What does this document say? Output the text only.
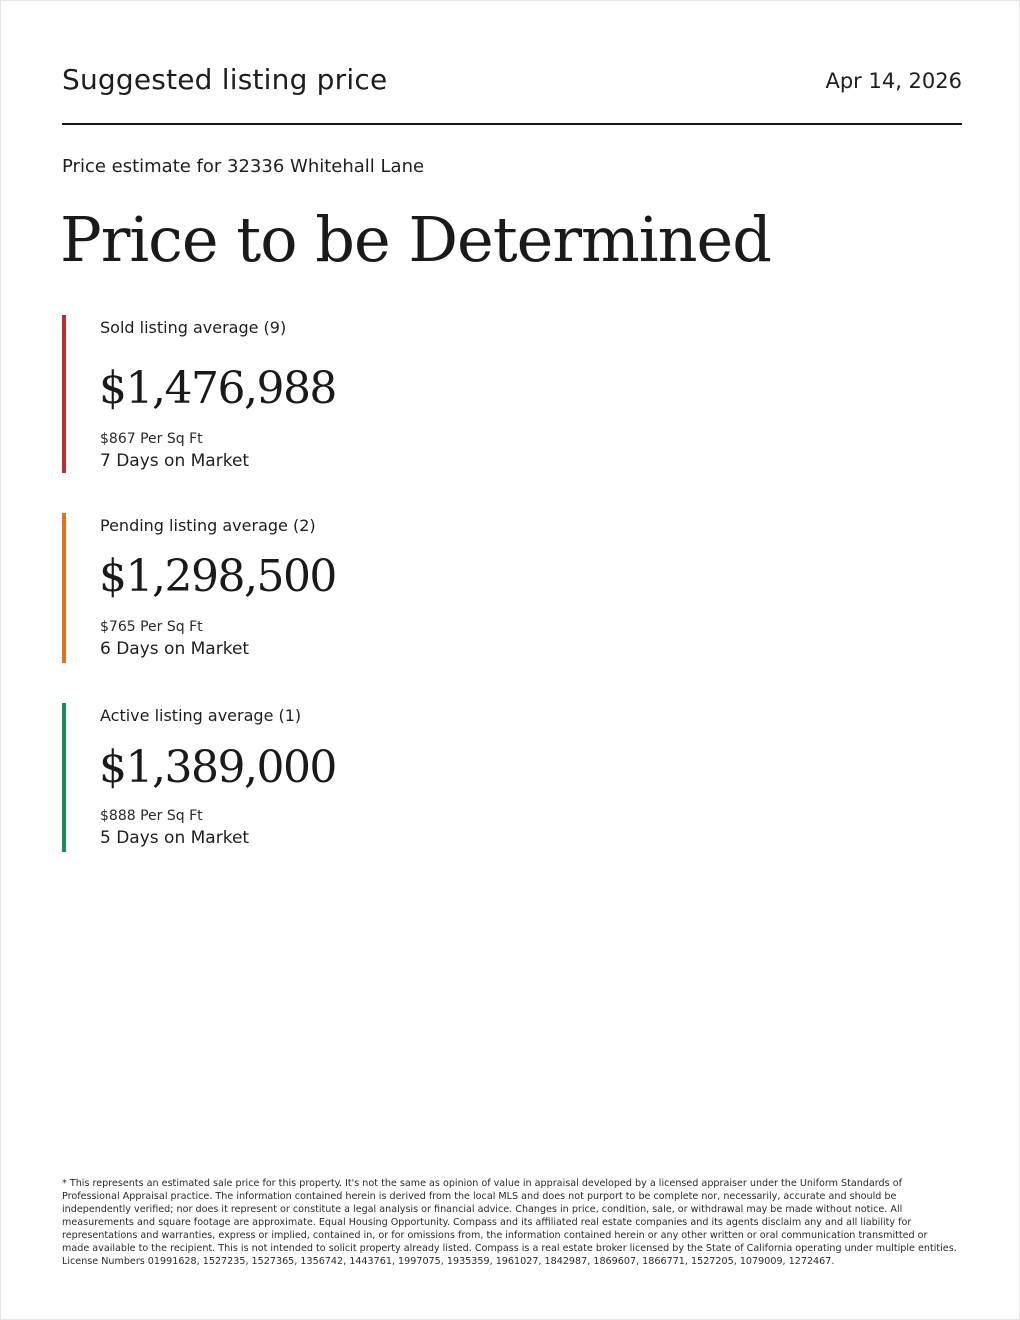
Suggested listing price	Apr 14, 2026
Price estimate for 32336 Whitehall Lane
Price to be Determined
Sold listing average (9)
$1,476,988
$867 Per Sq Ft
7 Days on Market
Pending listing average (2)
$1,298,500
$765 Per Sq Ft
6 Days on Market
Active listing average (1)
$1,389,000
$888 Per Sq Ft
5 Days on Market
* This represents an estimated sale price for this property. It's not the same as opinion of value in appraisal developed by a licensed appraiser under the Uniform Standards of Professional Appraisal practice. The information contained herein is derived from the local MLS and does not purport to be complete nor, necessarily, accurate and should be independently verified; nor does it represent or constitute a legal analysis or financial advice. Changes in price, condition, sale, or withdrawal may be made without notice. All measurements and square footage are approximate. Equal Housing Opportunity. Compass and its affiliated real estate companies and its agents disclaim any and all liability for representations and warranties, express or implied, contained in, or for omissions from, the information contained herein or any other written or oral communication transmitted or made available to the recipient. This is not intended to solicit property already listed. Compass is a real estate broker licensed by the State of California operating under multiple entities. License Numbers 01991628, 1527235, 1527365, 1356742, 1443761, 1997075, 1935359, 1961027, 1842987, 1869607, 1866771, 1527205, 1079009, 1272467.
